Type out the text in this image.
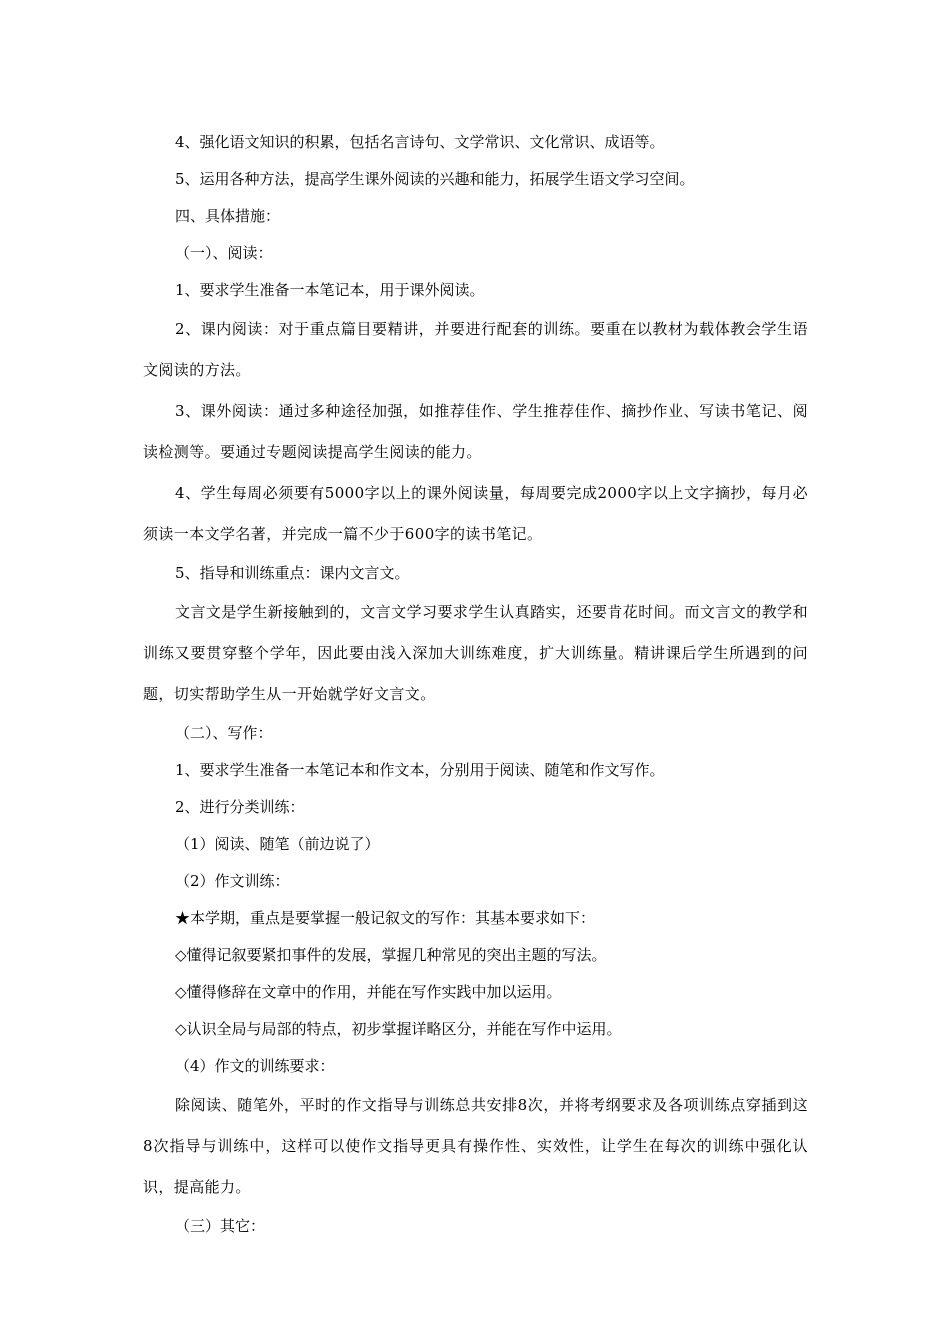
4、强化语文知识的积累，包括名言诗句、文学常识、文化常识、成语等。
5、运用各种方法，提高学生课外阅读的兴趣和能力，拓展学生语文学习空间。
四、具体措施：
（一）、阅读：
1、要求学生准备一本笔记本，用于课外阅读。
2、课内阅读：对于重点篇目要精讲，并要进行配套的训练。要重在以教材为载体教会学生语文阅读的方法。
3、课外阅读：通过多种途径加强，如推荐佳作、学生推荐佳作、摘抄作业、写读书笔记、阅读检测等。要通过专题阅读提高学生阅读的能力。
4、学生每周必须要有5000字以上的课外阅读量，每周要完成2000字以上文字摘抄，每月必须读一本文学名著，并完成一篇不少于600字的读书笔记。
5、指导和训练重点：课内文言文。
文言文是学生新接触到的，文言文学习要求学生认真踏实，还要肯花时间。而文言文的教学和训练又要贯穿整个学年，因此要由浅入深加大训练难度，扩大训练量。精讲课后学生所遇到的问题，切实帮助学生从一开始就学好文言文。
（二）、写作：
1、要求学生准备一本笔记本和作文本，分别用于阅读、随笔和作文写作。
2、进行分类训练：
（1）阅读、随笔（前边说了）
（2）作文训练：
★本学期，重点是要掌握一般记叙文的写作：其基本要求如下：
◇懂得记叙要紧扣事件的发展，掌握几种常见的突出主题的写法。
◇懂得修辞在文章中的作用，并能在写作实践中加以运用。
◇认识全局与局部的特点，初步掌握详略区分，并能在写作中运用。
（4）作文的训练要求：
除阅读、随笔外，平时的作文指导与训练总共安排8次，并将考纲要求及各项训练点穿插到这8次指导与训练中，这样可以使作文指导更具有操作性、实效性，让学生在每次的训练中强化认识，提高能力。
（三）其它：
